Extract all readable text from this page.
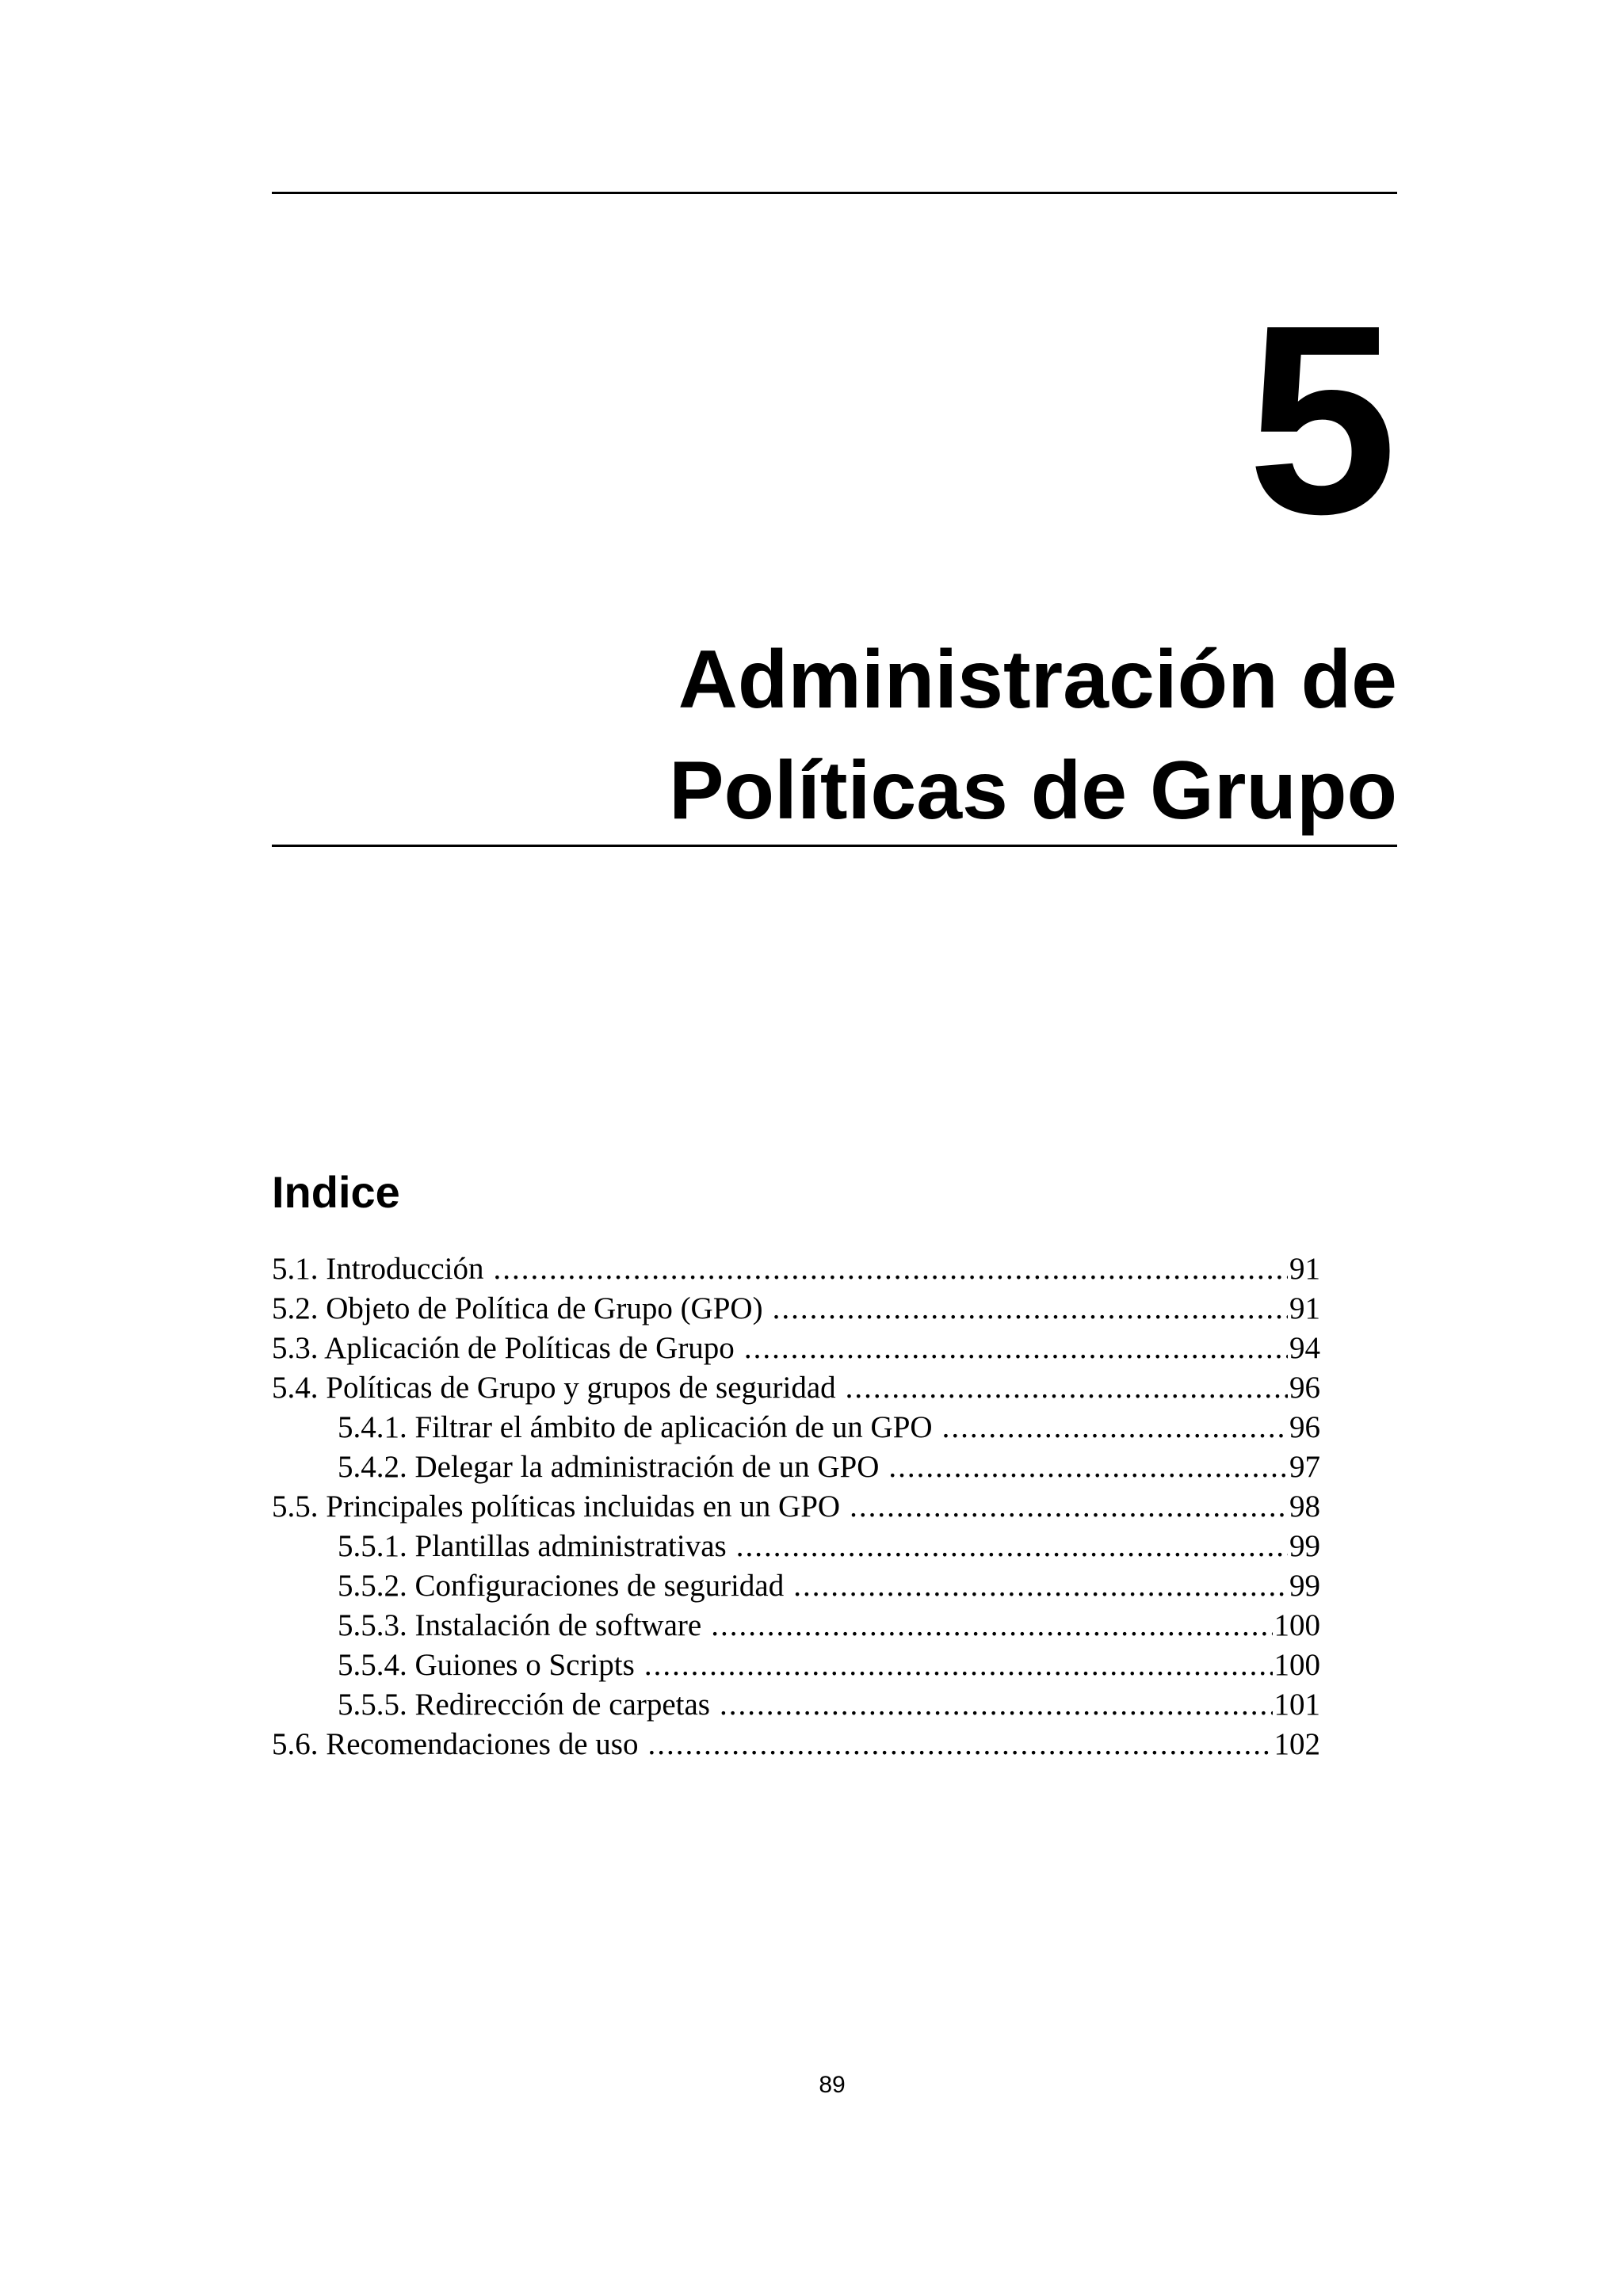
5
Administración de
Políticas de Grupo
Indice
5.1. Introducción .....	91
5.2. Objeto de Política de Grupo (GPO) .....	91
5.3. Aplicación de Políticas de Grupo .....	94
5.4. Políticas de Grupo y grupos de seguridad .....	96
5.4.1. Filtrar el ámbito de aplicación de un GPO .....	96
5.4.2. Delegar la administración de un GPO .....	97
5.5. Principales políticas incluidas en un GPO .....	98
5.5.1. Plantillas administrativas .....	99
5.5.2. Configuraciones de seguridad .....	99
5.5.3. Instalación de software .....	100
5.5.4. Guiones o Scripts .....	100
5.5.5. Redirección de carpetas .....	101
5.6. Recomendaciones de uso .....	102
89
